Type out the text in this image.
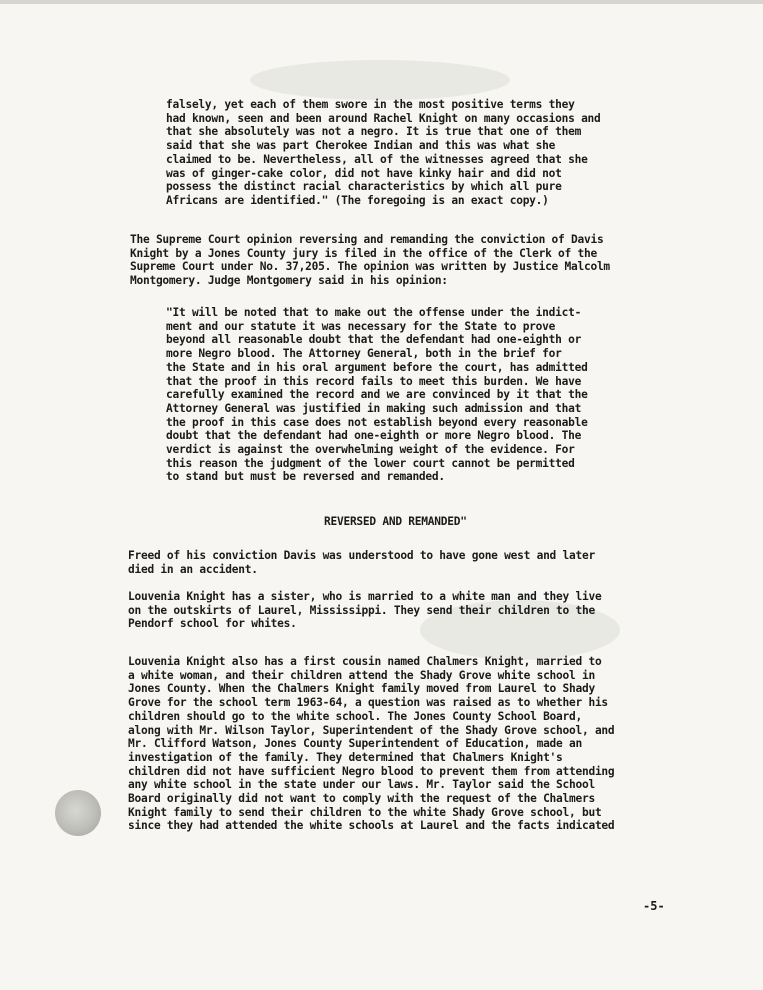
falsely, yet each of them swore in the most positive terms they
had known, seen and been around Rachel Knight on many occasions and
that she absolutely was not a negro. It is true that one of them
said that she was part Cherokee Indian and this was what she
claimed to be. Nevertheless, all of the witnesses agreed that she
was of ginger-cake color, did not have kinky hair and did not
possess the distinct racial characteristics by which all pure
Africans are identified." (The foregoing is an exact copy.)

The Supreme Court opinion reversing and remanding the conviction of Davis
Knight by a Jones County jury is filed in the office of the Clerk of the
Supreme Court under No. 37,205. The opinion was written by Justice Malcolm
Montgomery. Judge Montgomery said in his opinion:

"It will be noted that to make out the offense under the indict-
ment and our statute it was necessary for the State to prove
beyond all reasonable doubt that the defendant had one-eighth or
more Negro blood. The Attorney General, both in the brief for
the State and in his oral argument before the court, has admitted
that the proof in this record fails to meet this burden. We have
carefully examined the record and we are convinced by it that the
Attorney General was justified in making such admission and that
the proof in this case does not establish beyond every reasonable
doubt that the defendant had one-eighth or more Negro blood. The
verdict is against the overwhelming weight of the evidence. For
this reason the judgment of the lower court cannot be permitted
to stand but must be reversed and remanded.

REVERSED AND REMANDED"

Freed of his conviction Davis was understood to have gone west and later
died in an accident.

Louvenia Knight has a sister, who is married to a white man and they live
on the outskirts of Laurel, Mississippi. They send their children to the
Pendorf school for whites.

Louvenia Knight also has a first cousin named Chalmers Knight, married to
a white woman, and their children attend the Shady Grove white school in
Jones County. When the Chalmers Knight family moved from Laurel to Shady
Grove for the school term 1963-64, a question was raised as to whether his
children should go to the white school. The Jones County School Board,
along with Mr. Wilson Taylor, Superintendent of the Shady Grove school, and
Mr. Clifford Watson, Jones County Superintendent of Education, made an
investigation of the family. They determined that Chalmers Knight's
children did not have sufficient Negro blood to prevent them from attending
any white school in the state under our laws. Mr. Taylor said the School
Board originally did not want to comply with the request of the Chalmers
Knight family to send their children to the white Shady Grove school, but
since they had attended the white schools at Laurel and the facts indicated

-5-
